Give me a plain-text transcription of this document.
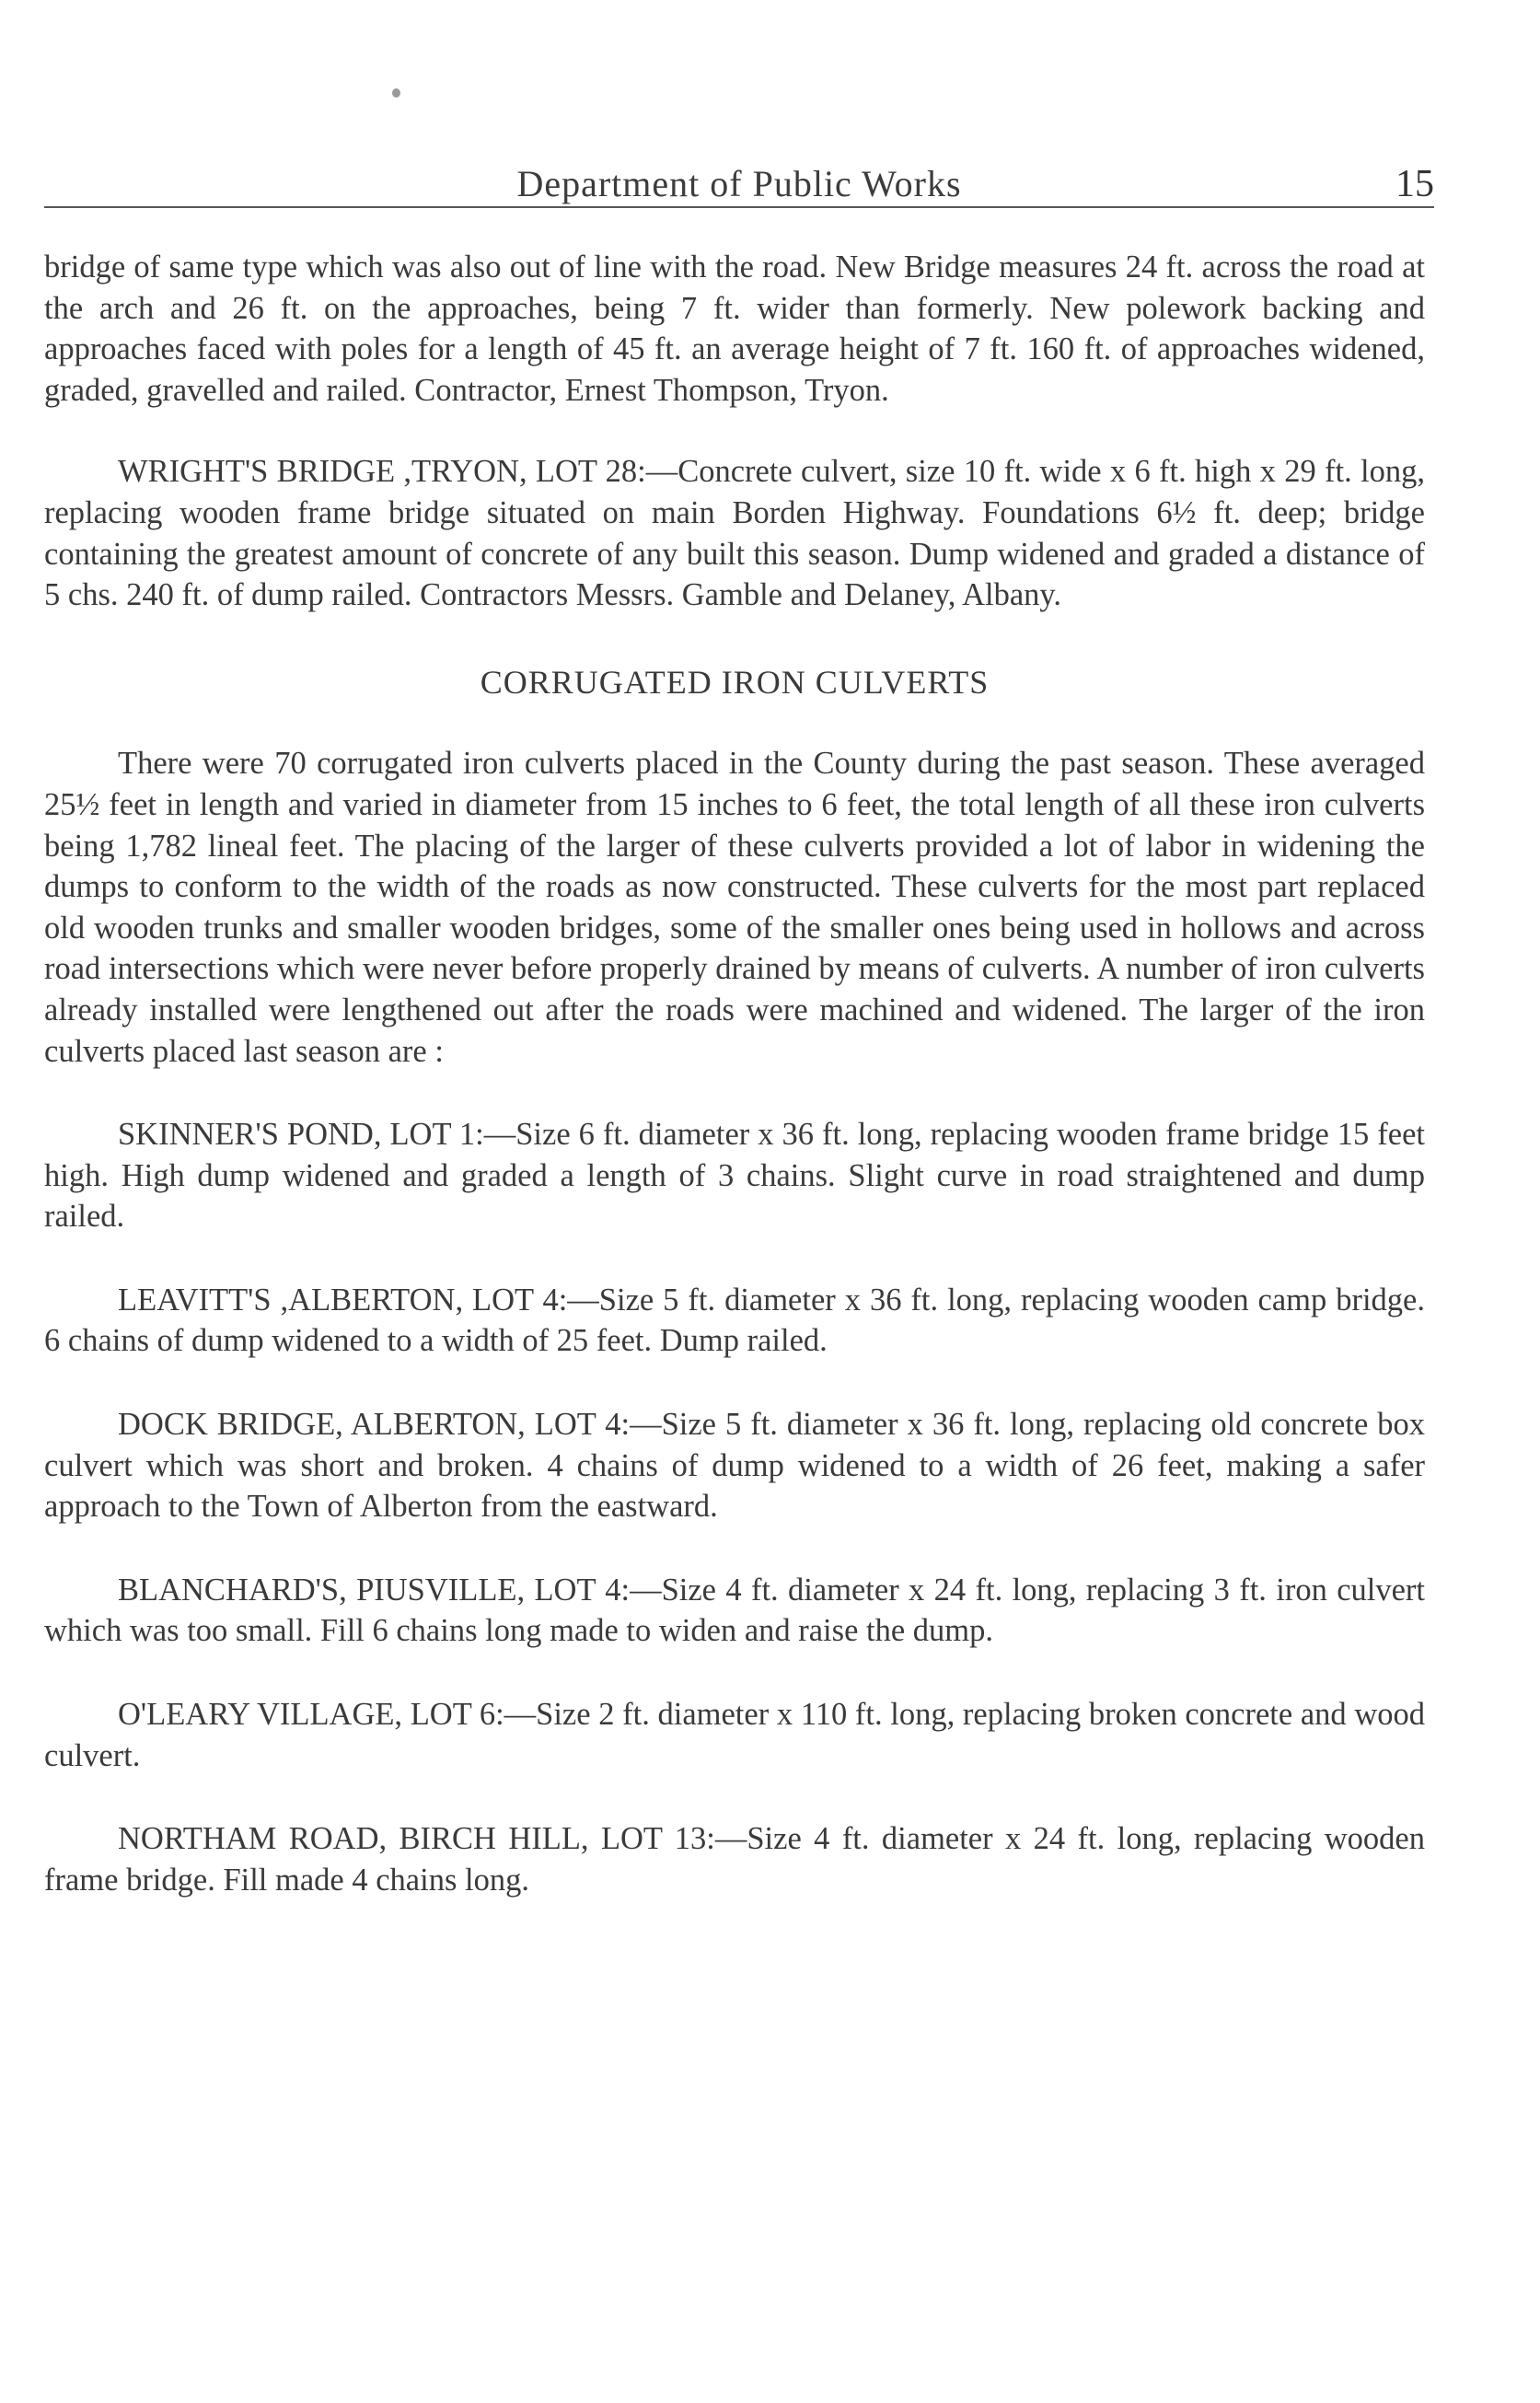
Department of Public Works	15

bridge of same type which was also out of line with the road. New Bridge measures 24 ft. across the road at the arch and 26 ft. on the approaches, being 7 ft. wider than formerly. New polework backing and approaches faced with poles for a length of 45 ft. an average height of 7 ft. 160 ft. of approaches widened, graded, gravelled and railed. Contractor, Ernest Thompson, Tryon.

WRIGHT'S BRIDGE ,TRYON, LOT 28:—Concrete culvert, size 10 ft. wide x 6 ft. high x 29 ft. long, replacing wooden frame bridge situated on main Borden Highway. Foundations 6½ ft. deep; bridge containing the greatest amount of concrete of any built this season. Dump widened and graded a distance of 5 chs. 240 ft. of dump railed. Contractors Messrs. Gamble and Delaney, Albany.

CORRUGATED IRON CULVERTS

There were 70 corrugated iron culverts placed in the County during the past season. These averaged 25½ feet in length and varied in diameter from 15 inches to 6 feet, the total length of all these iron culverts being 1,782 lineal feet. The placing of the larger of these culverts provided a lot of labor in widening the dumps to conform to the width of the roads as now constructed. These culverts for the most part replaced old wooden trunks and smaller wooden bridges, some of the smaller ones being used in hollows and across road intersections which were never before properly drained by means of culverts. A number of iron culverts already installed were lengthened out after the roads were machined and widened. The larger of the iron culverts placed last season are :

SKINNER'S POND, LOT 1:—Size 6 ft. diameter x 36 ft. long, replacing wooden frame bridge 15 feet high. High dump widened and graded a length of 3 chains. Slight curve in road straightened and dump railed.

LEAVITT'S ,ALBERTON, LOT 4:—Size 5 ft. diameter x 36 ft. long, replacing wooden camp bridge. 6 chains of dump widened to a width of 25 feet. Dump railed.

DOCK BRIDGE, ALBERTON, LOT 4:—Size 5 ft. diameter x 36 ft. long, replacing old concrete box culvert which was short and broken. 4 chains of dump widened to a width of 26 feet, making a safer approach to the Town of Alberton from the eastward.

BLANCHARD'S, PIUSVILLE, LOT 4:—Size 4 ft. diameter x 24 ft. long, replacing 3 ft. iron culvert which was too small. Fill 6 chains long made to widen and raise the dump.

O'LEARY VILLAGE, LOT 6:—Size 2 ft. diameter x 110 ft. long, replacing broken concrete and wood culvert.

NORTHAM ROAD, BIRCH HILL, LOT 13:—Size 4 ft. diameter x 24 ft. long, replacing wooden frame bridge. Fill made 4 chains long.
